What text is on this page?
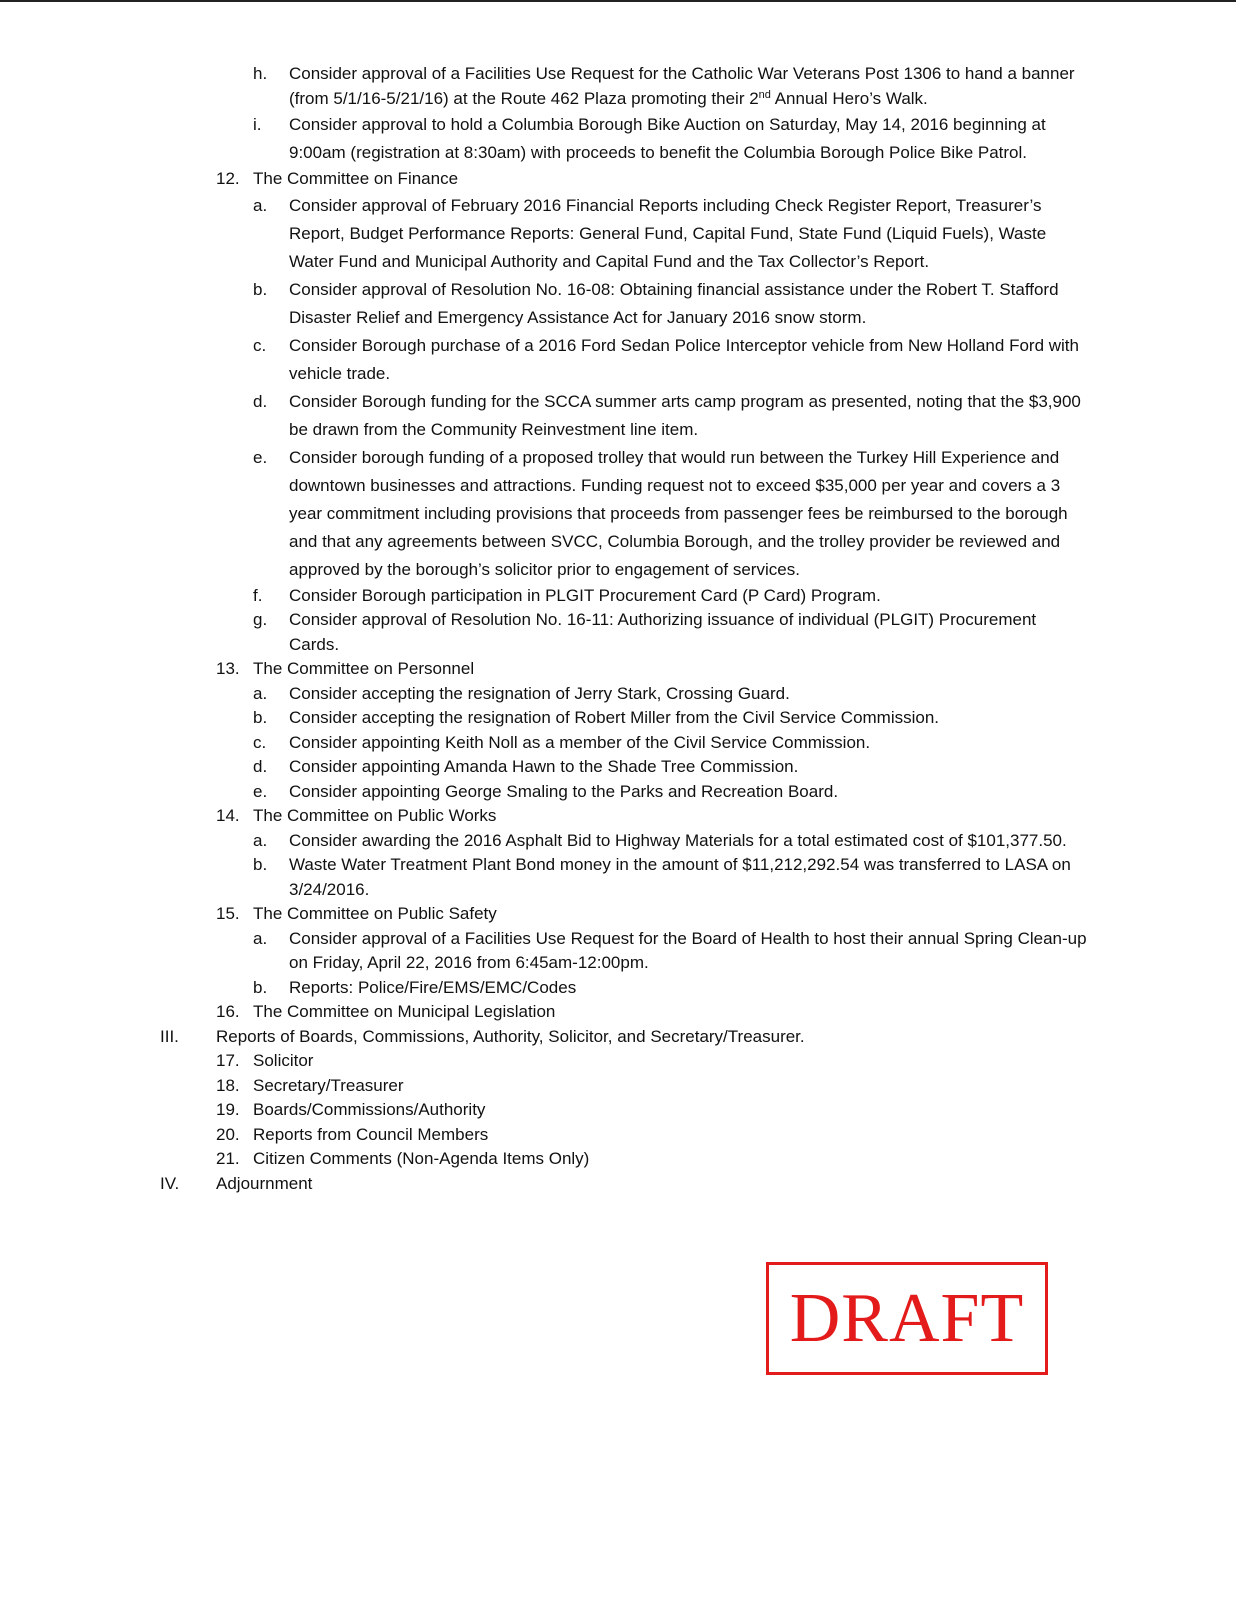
h. Consider approval of a Facilities Use Request for the Catholic War Veterans Post 1306 to hand a banner (from 5/1/16-5/21/16) at the Route 462 Plaza promoting their 2nd Annual Hero’s Walk.
i. Consider approval to hold a Columbia Borough Bike Auction on Saturday, May 14, 2016 beginning at 9:00am (registration at 8:30am) with proceeds to benefit the Columbia Borough Police Bike Patrol.
12. The Committee on Finance
a. Consider approval of February 2016 Financial Reports including Check Register Report, Treasurer’s Report, Budget Performance Reports: General Fund, Capital Fund, State Fund (Liquid Fuels), Waste Water Fund and Municipal Authority and Capital Fund and the Tax Collector’s Report.
b. Consider approval of Resolution No. 16-08: Obtaining financial assistance under the Robert T. Stafford Disaster Relief and Emergency Assistance Act for January 2016 snow storm.
c. Consider Borough purchase of a 2016 Ford Sedan Police Interceptor vehicle from New Holland Ford with vehicle trade.
d. Consider Borough funding for the SCCA summer arts camp program as presented, noting that the $3,900 be drawn from the Community Reinvestment line item.
e. Consider borough funding of a proposed trolley that would run between the Turkey Hill Experience and downtown businesses and attractions. Funding request not to exceed $35,000 per year and covers a 3 year commitment including provisions that proceeds from passenger fees be reimbursed to the borough and that any agreements between SVCC, Columbia Borough, and the trolley provider be reviewed and approved by the borough’s solicitor prior to engagement of services.
f. Consider Borough participation in PLGIT Procurement Card (P Card) Program.
g. Consider approval of Resolution No. 16-11: Authorizing issuance of individual (PLGIT) Procurement Cards.
13. The Committee on Personnel
a. Consider accepting the resignation of Jerry Stark, Crossing Guard.
b. Consider accepting the resignation of Robert Miller from the Civil Service Commission.
c. Consider appointing Keith Noll as a member of the Civil Service Commission.
d. Consider appointing Amanda Hawn to the Shade Tree Commission.
e. Consider appointing George Smaling to the Parks and Recreation Board.
14. The Committee on Public Works
a. Consider awarding the 2016 Asphalt Bid to Highway Materials for a total estimated cost of $101,377.50.
b. Waste Water Treatment Plant Bond money in the amount of $11,212,292.54 was transferred to LASA on 3/24/2016.
15. The Committee on Public Safety
a. Consider approval of a Facilities Use Request for the Board of Health to host their annual Spring Clean-up on Friday, April 22, 2016 from 6:45am-12:00pm.
b. Reports: Police/Fire/EMS/EMC/Codes
16. The Committee on Municipal Legislation
III. Reports of Boards, Commissions, Authority, Solicitor, and Secretary/Treasurer.
17. Solicitor
18. Secretary/Treasurer
19. Boards/Commissions/Authority
20. Reports from Council Members
21. Citizen Comments (Non-Agenda Items Only)
IV. Adjournment
DRAFT
